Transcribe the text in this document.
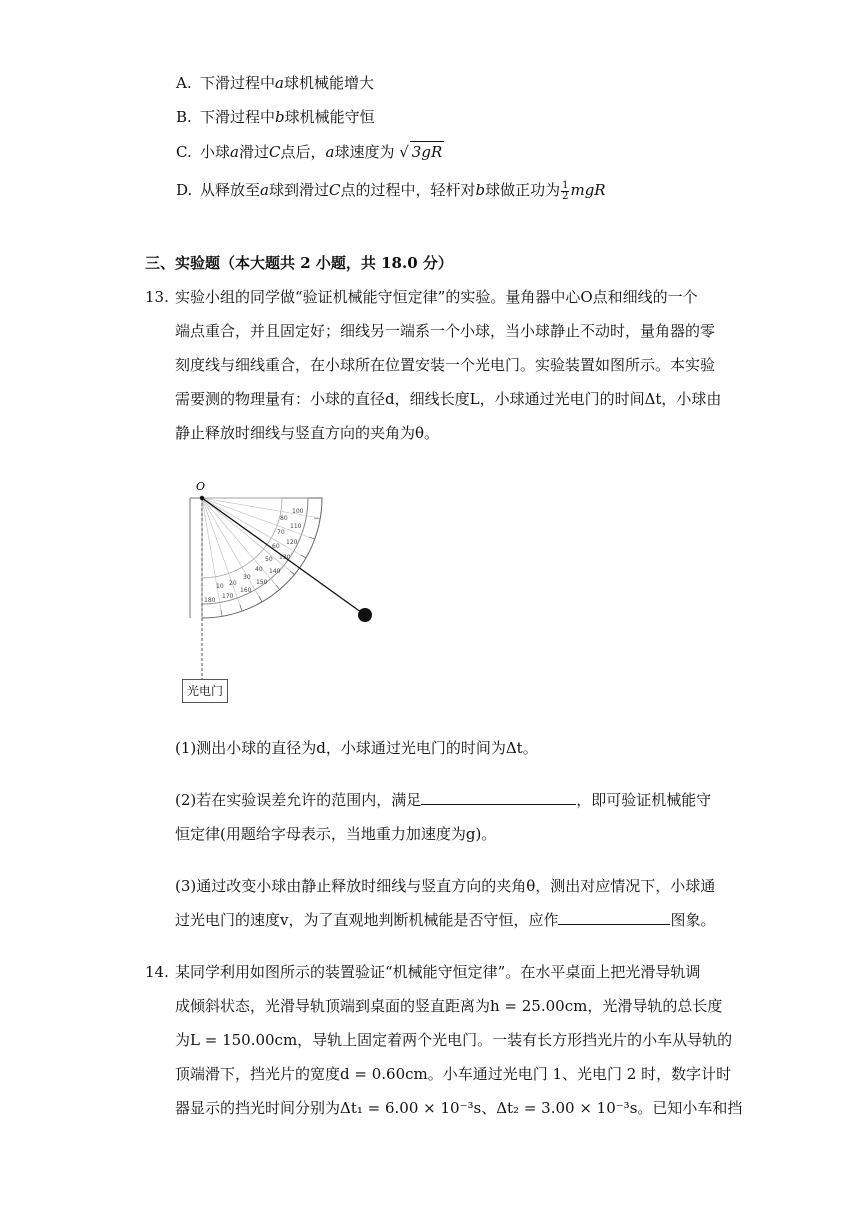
A. 下滑过程中a球机械能增大
B. 下滑过程中b球机械能守恒
C. 小球a滑过C点后，a球速度为 √ 3gR
D. 从释放至a球到滑过C点的过程中，轻杆对b球做正功为 $\frac{1}{2}$ mgR
三、实验题（本大题共 2 小题，共 18.0 分）
13. 实验小组的同学做“验证机械能守恒定律”的实验。量角器中心O点和细线的一个
端点重合，并且固定好；细线另一端系一个小球，当小球静止不动时，量角器的零
刻度线与细线重合，在小球所在位置安装一个光电门。实验装置如图所示。本实验
需要测的物理量有：小球的直径d，细线长度L，小球通过光电门的时间Δt，小球由
静止释放时细线与竖直方向的夹角为θ。
O
10 20
30
40
50
60
70
80
100
110
120
130
140
150
160
170
180
光电门
(1)测出小球的直径为d，小球通过光电门的时间为Δt。
(2)若在实验误差允许的范围内，满足	，即可验证机械能守
恒定律(用题给字母表示，当地重力加速度为g)。
(3)通过改变小球由静止释放时细线与竖直方向的夹角θ，测出对应情况下，小球通
过光电门的速度v，为了直观地判断机械能是否守恒，应作	图象。
14. 某同学利用如图所示的装置验证“机械能守恒定律”。在水平桌面上把光滑导轨调
成倾斜状态，光滑导轨顶端到桌面的竖直距离为h = 25.00cm，光滑导轨的总长度
为L = 150.00cm，导轨上固定着两个光电门。一装有长方形挡光片的小车从导轨的
顶端滑下，挡光片的宽度d = 0.60cm。小车通过光电门 1、光电门 2 时，数字计时
器显示的挡光时间分别为Δt₁ = 6.00 × 10⁻³s、Δt₂ = 3.00 × 10⁻³s。已知小车和挡
